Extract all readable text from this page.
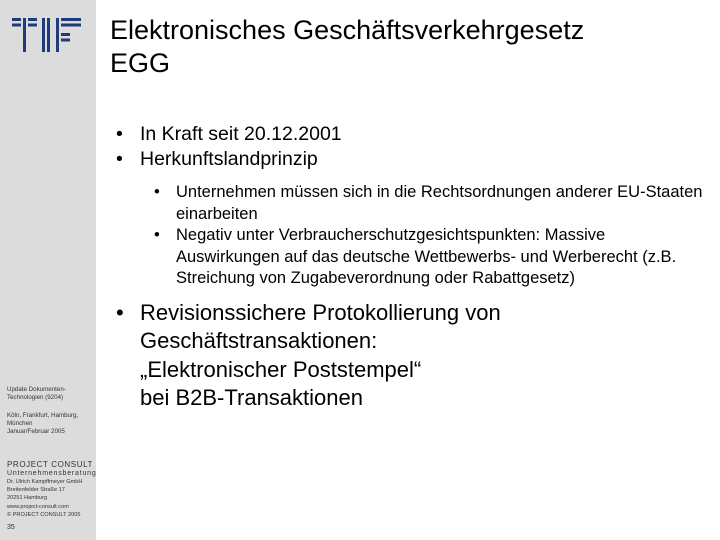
Update Dokumenten-
Technologien (9204)
Köln, Frankfurt, Hamburg,
München
Januar/Februar 2005
PROJECT CONSULT
Unternehmensberatung
Dr. Ulrich Kampffmeyer GmbH
Breitenfelder Straße 17
20251 Hamburg
www.project-consult.com
© PROJECT CONSULT 2005
35
Elektronisches Geschäftsverkehrgesetz
EGG
• In Kraft seit 20.12.2001
• Herkunftslandprinzip
• Unternehmen müssen sich in die Rechtsordnungen anderer EU-Staaten einarbeiten
• Negativ unter Verbraucherschutzgesichtspunkten: Massive Auswirkungen auf das deutsche Wettbewerbs- und Werberecht (z.B. Streichung von Zugabeverordnung oder Rabattgesetz)
• Revisionssichere Protokollierung von
Geschäftstransaktionen:
„Elektronischer Poststempel“
bei B2B-Transaktionen
